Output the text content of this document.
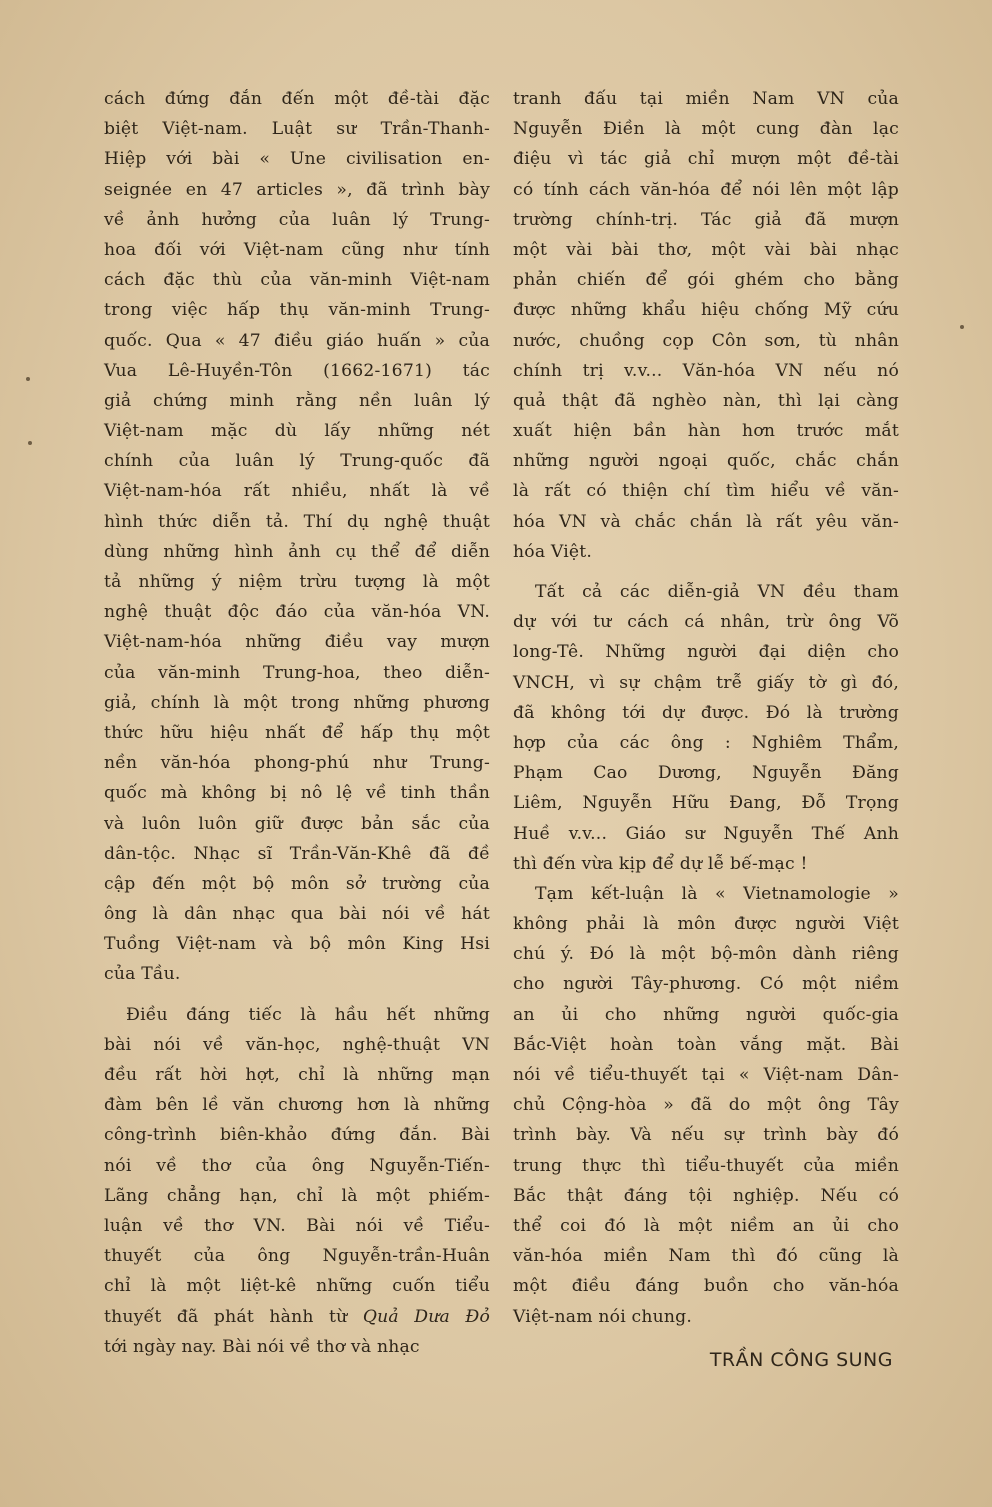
cách đứng đắn đến một đề-tài đặc
biệt Việt-nam. Luật sư Trần-Thanh-
Hiệp với bài « Une civilisation en-
seignée en 47 articles », đã trình bày
về ảnh hưởng của luân lý Trung-
hoa đối với Việt-nam cũng như tính
cách đặc thù của văn-minh Việt-nam
trong việc hấp thụ văn-minh Trung-
quốc. Qua « 47 điều giáo huấn » của
Vua Lê-Huyền-Tôn (1662-1671) tác
giả chứng minh rằng nền luân lý
Việt-nam mặc dù lấy những nét
chính của luân lý Trung-quốc đã
Việt-nam-hóa rất nhiều, nhất là về
hình thức diễn tả. Thí dụ nghệ thuật
dùng những hình ảnh cụ thể để diễn
tả những ý niệm trừu tượng là một
nghệ thuật độc đáo của văn-hóa VN.
Việt-nam-hóa những điều vay mượn
của văn-minh Trung-hoa, theo diễn-
giả, chính là một trong những phương
thức hữu hiệu nhất để hấp thụ một
nền văn-hóa phong-phú như Trung-
quốc mà không bị nô lệ về tinh thần
và luôn luôn giữ được bản sắc của
dân-tộc. Nhạc sĩ Trần-Văn-Khê đã đề
cập đến một bộ môn sở trường của
ông là dân nhạc qua bài nói về hát
Tuồng Việt-nam và bộ môn King Hsi
của Tầu.
Điều đáng tiếc là hầu hết những
bài nói về văn-học, nghệ-thuật VN
đều rất hời hợt, chỉ là những mạn
đàm bên lề văn chương hơn là những
công-trình biên-khảo đứng đắn. Bài
nói về thơ của ông Nguyễn-Tiến-
Lãng chẳng hạn, chỉ là một phiếm-
luận về thơ VN. Bài nói về Tiểu-
thuyết của ông Nguyễn-trần-Huân
chỉ là một liệt-kê những cuốn tiểu
thuyết đã phát hành từ Quả Dưa Đỏ
tới ngày nay. Bài nói về thơ và nhạc
tranh đấu tại miền Nam VN của
Nguyễn Điền là một cung đàn lạc
điệu vì tác giả chỉ mượn một đề-tài
có tính cách văn-hóa để nói lên một lập
trường chính-trị. Tác giả đã mượn
một vài bài thơ, một vài bài nhạc
phản chiến để gói ghém cho bằng
được những khẩu hiệu chống Mỹ cứu
nước, chuồng cọp Côn sơn, tù nhân
chính trị v.v... Văn-hóa VN nếu nó
quả thật đã nghèo nàn, thì lại càng
xuất hiện bần hàn hơn trước mắt
những người ngoại quốc, chắc chắn
là rất có thiện chí tìm hiểu về văn-
hóa VN và chắc chắn là rất yêu văn-
hóa Việt.
Tất cả các diễn-giả VN đều tham
dự với tư cách cá nhân, trừ ông Võ
long-Tê. Những người đại diện cho
VNCH, vì sự chậm trễ giấy tờ gì đó,
đã không tới dự được. Đó là trường
hợp của các ông : Nghiêm Thẩm,
Phạm Cao Dương, Nguyễn Đăng
Liêm, Nguyễn Hữu Đang, Đỗ Trọng
Huề v.v... Giáo sư Nguyễn Thế Anh
thì đến vừa kịp để dự lễ bế-mạc !
Tạm kết-luận là « Vietnamologie »
không phải là môn được người Việt
chú ý. Đó là một bộ-môn dành riêng
cho người Tây-phương. Có một niềm
an ủi cho những người quốc-gia
Bắc-Việt hoàn toàn vắng mặt. Bài
nói về tiểu-thuyết tại « Việt-nam Dân-
chủ Cộng-hòa » đã do một ông Tây
trình bày. Và nếu sự trình bày đó
trung thực thì tiểu-thuyết của miền
Bắc thật đáng tội nghiệp. Nếu có
thể coi đó là một niềm an ủi cho
văn-hóa miền Nam thì đó cũng là
một điều đáng buồn cho văn-hóa
Việt-nam nói chung.
TRẦN CÔNG SUNG
